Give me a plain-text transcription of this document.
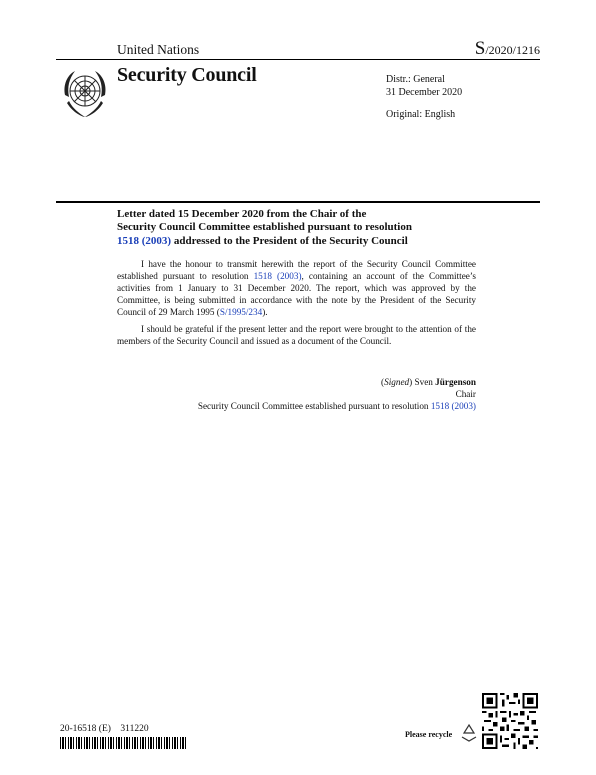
United Nations	S/2020/1216
Security Council	Distr.: General
31 December 2020
Original: English
Letter dated 15 December 2020 from the Chair of the
Security Council Committee established pursuant to resolution
1518 (2003) addressed to the President of the Security Council
I have the honour to transmit herewith the report of the Security Council Committee established pursuant to resolution 1518 (2003), containing an account of the Committee’s activities from 1 January to 31 December 2020. The report, which was approved by the Committee, is being submitted in accordance with the note by the President of the Security Council of 29 March 1995 (S/1995/234).
I should be grateful if the present letter and the report were brought to the attention of the members of the Security Council and issued as a document of the Council.
(Signed) Sven Jürgenson
Chair
Security Council Committee established pursuant to resolution 1518 (2003)
20-16518 (E)    311220
Please recycle
